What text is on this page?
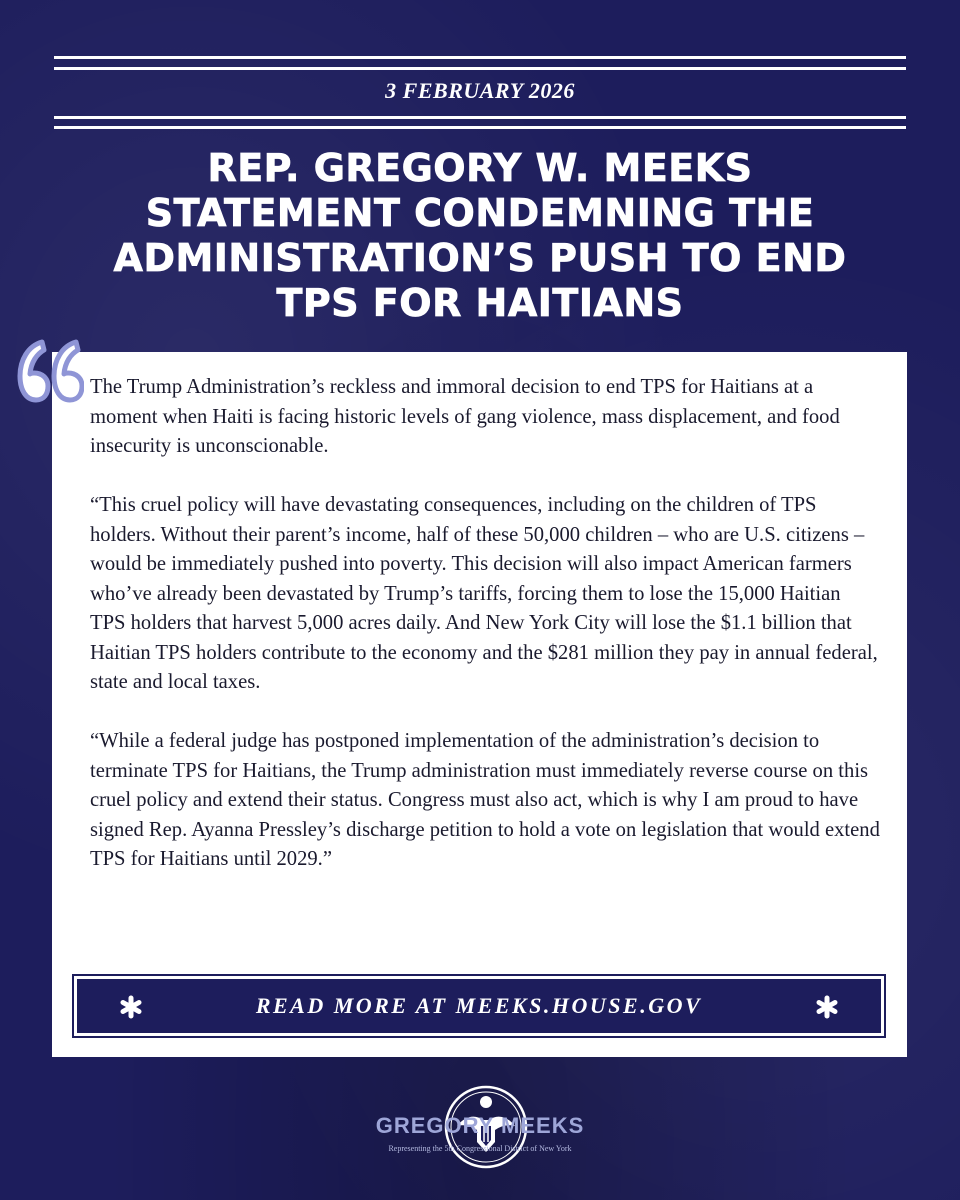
3 FEBRUARY 2026
REP. GREGORY W. MEEKS
STATEMENT CONDEMNING THE
ADMINISTRATION’S PUSH TO END
TPS FOR HAITIANS

The Trump Administration’s reckless and immoral decision to end TPS for Haitians at a moment when Haiti is facing historic levels of gang violence, mass displacement, and food insecurity is unconscionable.

“This cruel policy will have devastating consequences, including on the children of TPS holders. Without their parent’s income, half of these 50,000 children – who are U.S. citizens – would be immediately pushed into poverty. This decision will also impact American farmers who’ve already been devastated by Trump’s tariffs, forcing them to lose the 15,000 Haitian TPS holders that harvest 5,000 acres daily. And New York City will lose the $1.1 billion that Haitian TPS holders contribute to the economy and the $281 million they pay in annual federal, state and local taxes.

“While a federal judge has postponed implementation of the administration’s decision to terminate TPS for Haitians, the Trump administration must immediately reverse course on this cruel policy and extend their status. Congress must also act, which is why I am proud to have signed Rep. Ayanna Pressley’s discharge petition to hold a vote on legislation that would extend TPS for Haitians until 2029.”

READ MORE AT MEEKS.HOUSE.GOV
GREGORY MEEKS
Representing the 5th Congressional District of New York
